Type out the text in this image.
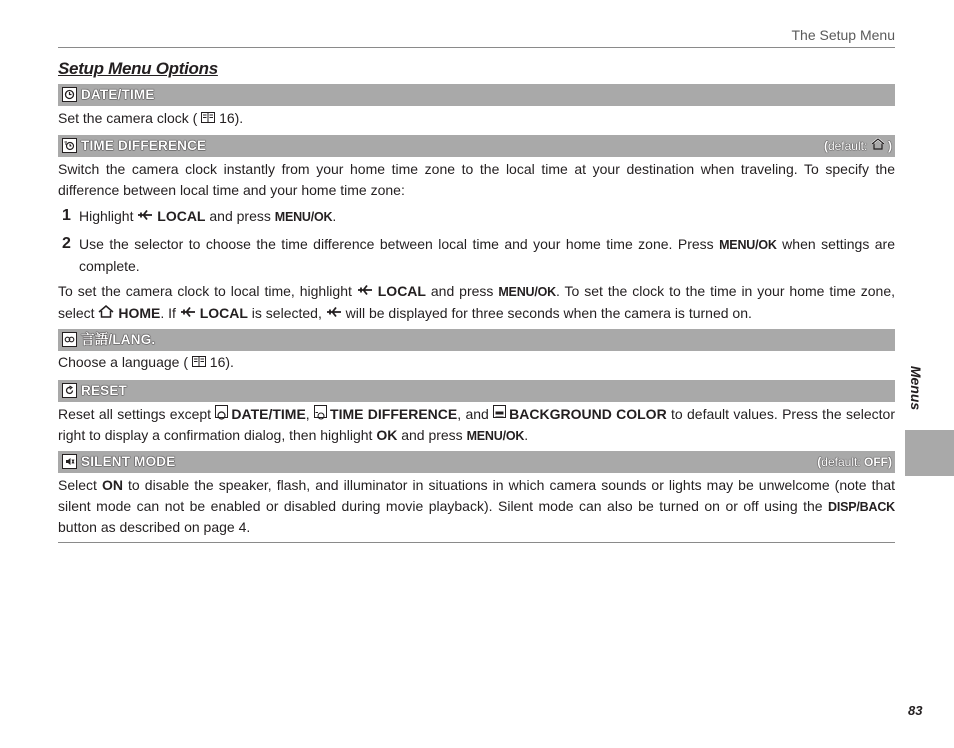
The Setup Menu
Setup Menu Options
DATE/TIME
Set the camera clock (  16).
TIME DIFFERENCE	(default:  )
Switch the camera clock instantly from your home time zone to the local time at your destination when traveling. To specify the difference between local time and your home time zone:
1 Highlight  LOCAL and press MENU/OK.
2 Use the selector to choose the time difference between local time and your home time zone. Press MENU/OK when settings are complete.
To set the camera clock to local time, highlight  LOCAL and press MENU/OK. To set the clock to the time in your home time zone, select  HOME. If  LOCAL is selected,  will be displayed for three seconds when the camera is turned on.
言語/LANG.
Choose a language (  16).
RESET
Reset all settings except DATE/TIME, TIME DIFFERENCE, and BACKGROUND COLOR to default values. Press the selector right to display a confirmation dialog, then highlight OK and press MENU/OK.
SILENT MODE	(default: OFF)
Select ON to disable the speaker, flash, and illuminator in situations in which camera sounds or lights may be unwelcome (note that silent mode can not be enabled or disabled during movie playback). Silent mode can also be turned on or off using the DISP/BACK button as described on page 4.
Menus
83
